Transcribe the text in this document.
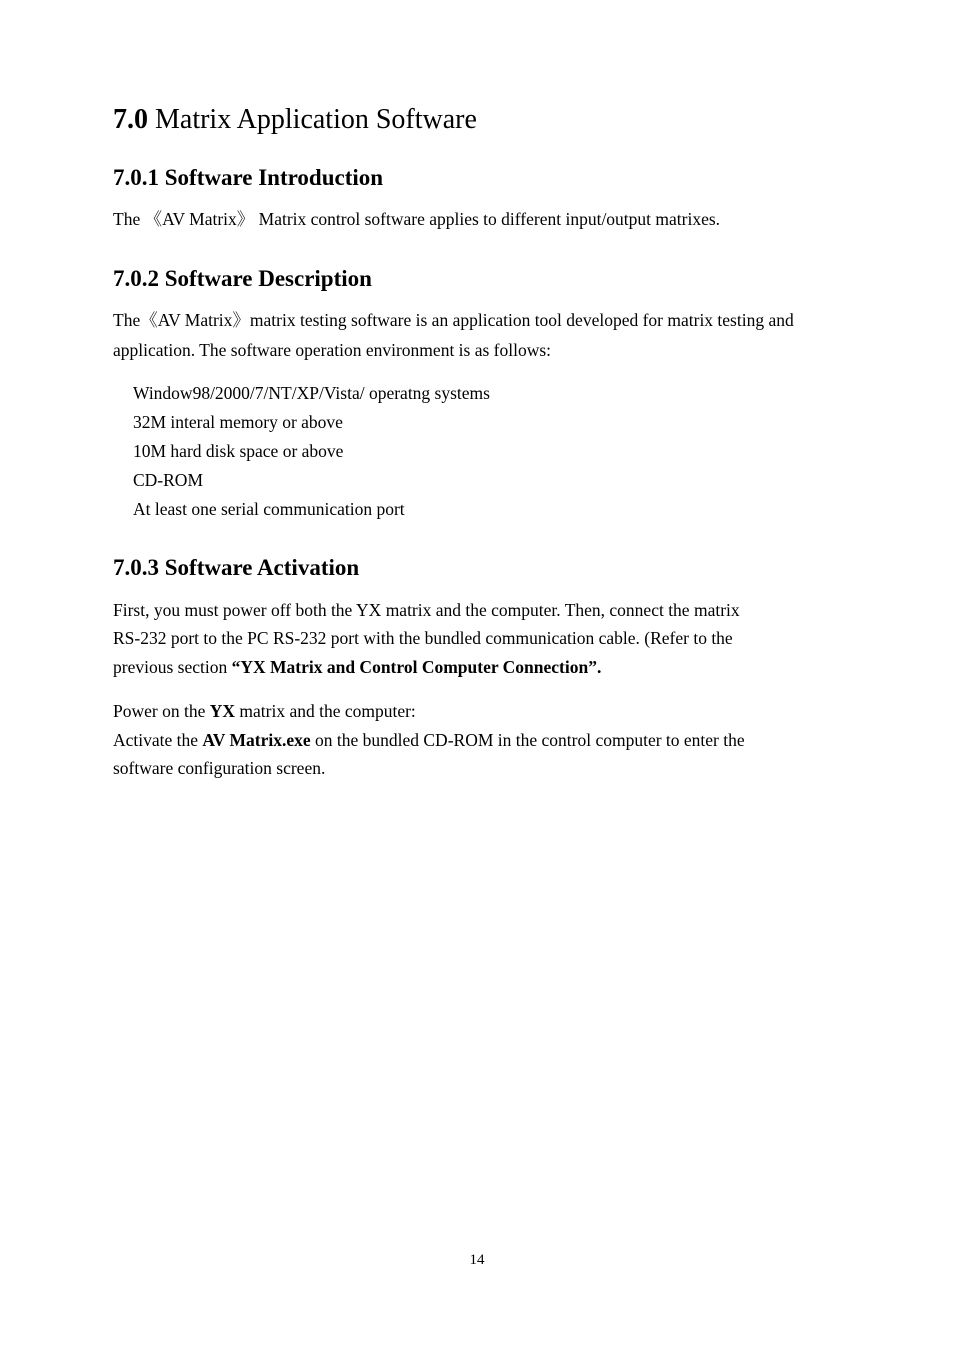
7.0 Matrix Application Software
7.0.1 Software Introduction
The 《AV Matrix》 Matrix control software applies to different input/output matrixes.
7.0.2 Software Description
The《AV Matrix》matrix testing software is an application tool developed for matrix testing and
application. The software operation environment is as follows:
Window98/2000/7/NT/XP/Vista/ operatng systems
32M interal memory or above
10M hard disk space or above
CD-ROM
At least one serial communication port
7.0.3 Software Activation
First, you must power off both the YX matrix and the computer. Then, connect the matrix
RS-232 port to the PC RS-232 port with the bundled communication cable. (Refer to the
previous section “YX Matrix and Control Computer Connection”.
Power on the YX matrix and the computer:
Activate the AV Matrix.exe on the bundled CD-ROM in the control computer to enter the
software configuration screen.
14
